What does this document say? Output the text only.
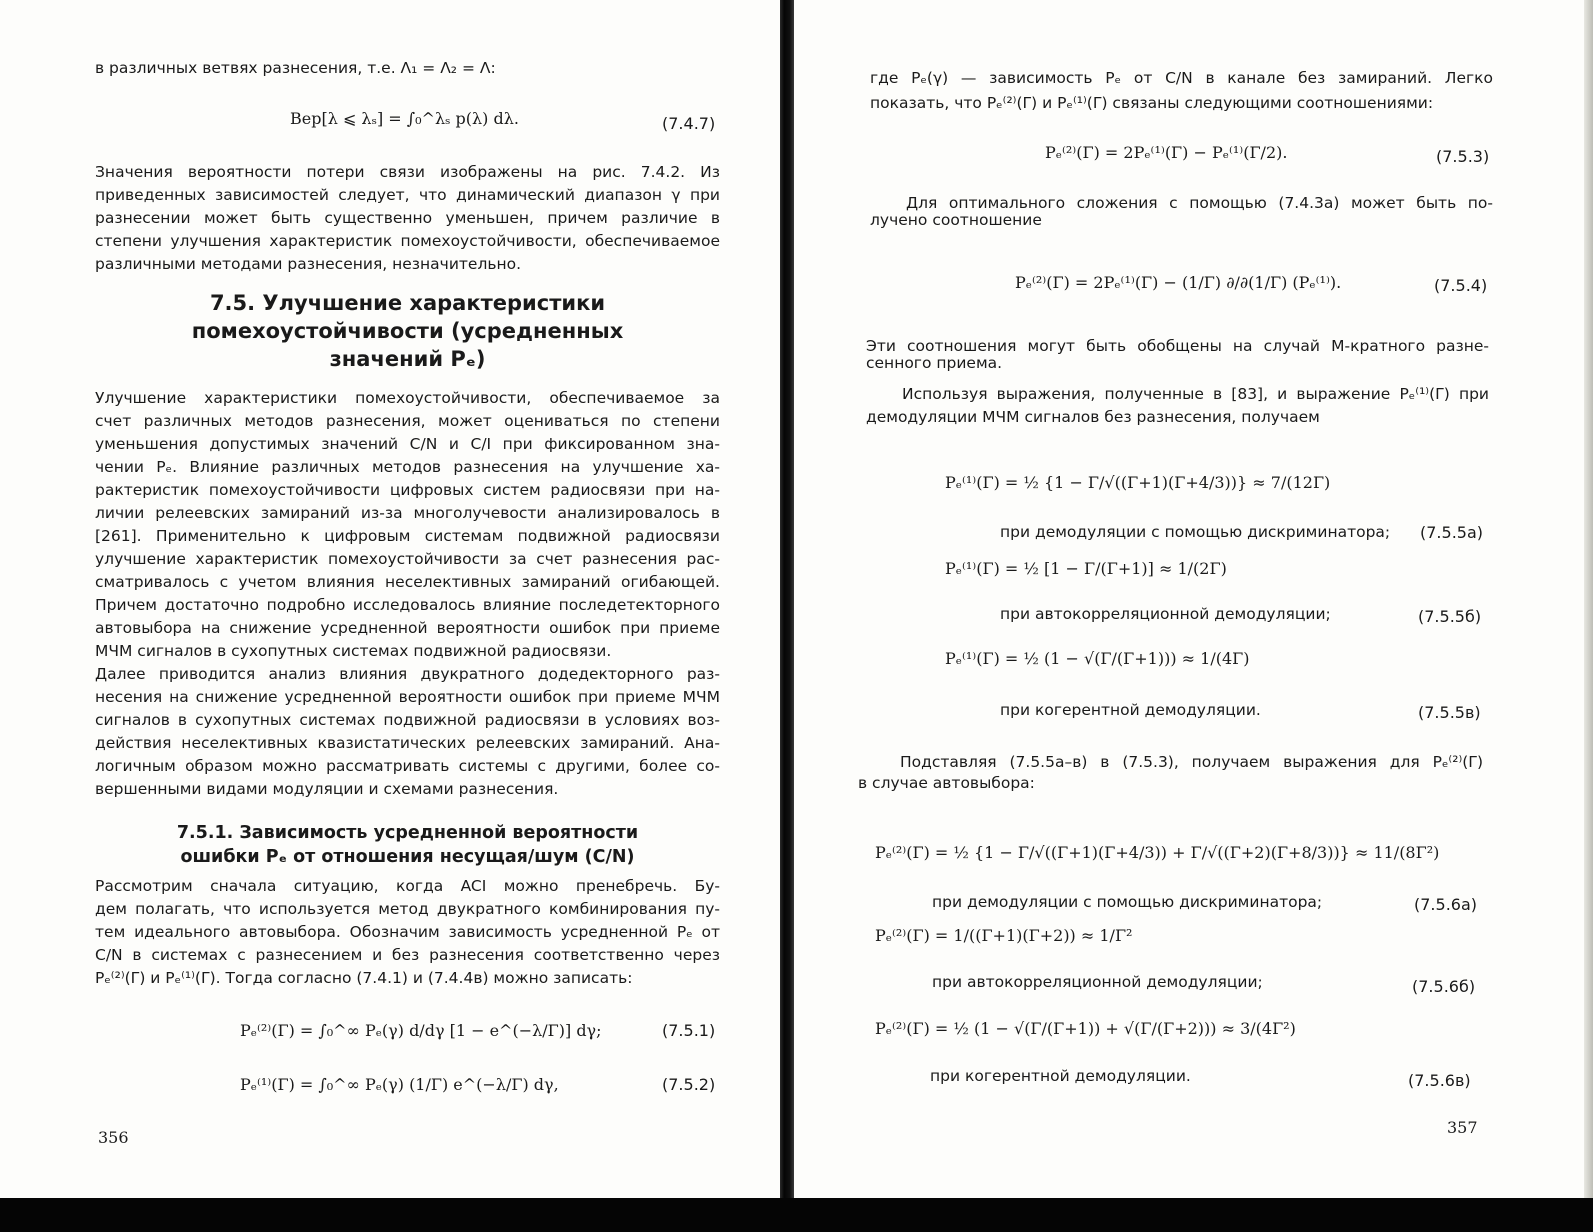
в различных ветвях разнесения, т.е. Λ₁ = Λ₂ = Λ:
Вер[λ ⩽ λₛ] = ∫₀^λₛ p(λ) dλ.	(7.4.7)
Значения вероятности потери связи изображены на рис. 7.4.2. Из
приведенных зависимостей следует, что динамический диапазон γ при
разнесении может быть существенно уменьшен, причем различие в
степени улучшения характеристик помехоустойчивости, обеспечиваемое
различными методами разнесения, незначительно.
7.5. Улучшение характеристики
помехоустойчивости (усредненных
значений Pₑ)
Улучшение характеристики помехоустойчивости, обеспечиваемое за
счет различных методов разнесения, может оцениваться по степени
уменьшения допустимых значений C/N и C/I при фиксированном зна-
чении Pₑ. Влияние различных методов разнесения на улучшение ха-
рактеристик помехоустойчивости цифровых систем радиосвязи при на-
личии релеевских замираний из-за многолучевости анализировалось в
[261]. Применительно к цифровым системам подвижной радиосвязи
улучшение характеристик помехоустойчивости за счет разнесения рас-
сматривалось с учетом влияния неселективных замираний огибающей.
Причем достаточно подробно исследовалось влияние последетекторного
автовыбора на снижение усредненной вероятности ошибок при приеме
МЧМ сигналов в сухопутных системах подвижной радиосвязи.
Далее приводится анализ влияния двукратного додедекторного раз-
несения на снижение усредненной вероятности ошибок при приеме МЧМ
сигналов в сухопутных системах подвижной радиосвязи в условиях воз-
действия неселективных квазистатических релеевских замираний. Ана-
логичным образом можно рассматривать системы с другими, более со-
вершенными видами модуляции и схемами разнесения.
7.5.1. Зависимость усредненной вероятности
ошибки Pₑ от отношения несущая/шум (C/N)
Рассмотрим сначала ситуацию, когда ACI можно пренебречь. Бу-
дем полагать, что используется метод двукратного комбинирования пу-
тем идеального автовыбора. Обозначим зависимость усредненной Pₑ от
C/N в системах с разнесением и без разнесения соответственно через
Pₑ⁽²⁾(Γ) и Pₑ⁽¹⁾(Γ). Тогда согласно (7.4.1) и (7.4.4в) можно записать:
Pₑ⁽²⁾(Γ) = ∫₀^∞ Pₑ(γ) d/dγ [1 − e^(−λ/Γ)] dγ;	(7.5.1)
Pₑ⁽¹⁾(Γ) = ∫₀^∞ Pₑ(γ) (1/Γ) e^(−λ/Γ) dγ,	(7.5.2)
356
где Pₑ(γ) — зависимость Pₑ от C/N в канале без замираний. Легко
показать, что Pₑ⁽²⁾(Γ) и Pₑ⁽¹⁾(Γ) связаны следующими соотношениями:
Pₑ⁽²⁾(Γ) = 2Pₑ⁽¹⁾(Γ) − Pₑ⁽¹⁾(Γ/2).	(7.5.3)
Для оптимального сложения с помощью (7.4.3а) может быть по-
лучено соотношение
Pₑ⁽²⁾(Γ) = 2Pₑ⁽¹⁾(Γ) − (1/Γ) ∂/∂(1/Γ) (Pₑ⁽¹⁾).	(7.5.4)
Эти соотношения могут быть обобщены на случай M-кратного разне-
сенного приема.
Используя выражения, полученные в [83], и выражение Pₑ⁽¹⁾(Γ) при
демодуляции МЧМ сигналов без разнесения, получаем
Pₑ⁽¹⁾(Γ) = ½ {1 − Γ/√((Γ+1)(Γ+4/3))} ≈ 7/(12Γ)
при демодуляции с помощью дискриминатора; (7.5.5а)
Pₑ⁽¹⁾(Γ) = ½ [1 − Γ/(Γ+1)] ≈ 1/(2Γ)
при автокорреляционной демодуляции;	(7.5.5б)
Pₑ⁽¹⁾(Γ) = ½ (1 − √(Γ/(Γ+1))) ≈ 1/(4Γ)
при когерентной демодуляции.	(7.5.5в)
Подставляя (7.5.5а–в) в (7.5.3), получаем выражения для Pₑ⁽²⁾(Γ)
в случае автовыбора:
Pₑ⁽²⁾(Γ) = ½ {1 − Γ/√((Γ+1)(Γ+4/3)) + Γ/√((Γ+2)(Γ+8/3))} ≈ 11/(8Γ²)
при демодуляции с помощью дискриминатора;	(7.5.6а)
Pₑ⁽²⁾(Γ) = 1/((Γ+1)(Γ+2)) ≈ 1/Γ²
при автокорреляционной демодуляции;	(7.5.6б)
Pₑ⁽²⁾(Γ) = ½ (1 − √(Γ/(Γ+1)) + √(Γ/(Γ+2))) ≈ 3/(4Γ²)
при когерентной демодуляции.	(7.5.6в)
357
